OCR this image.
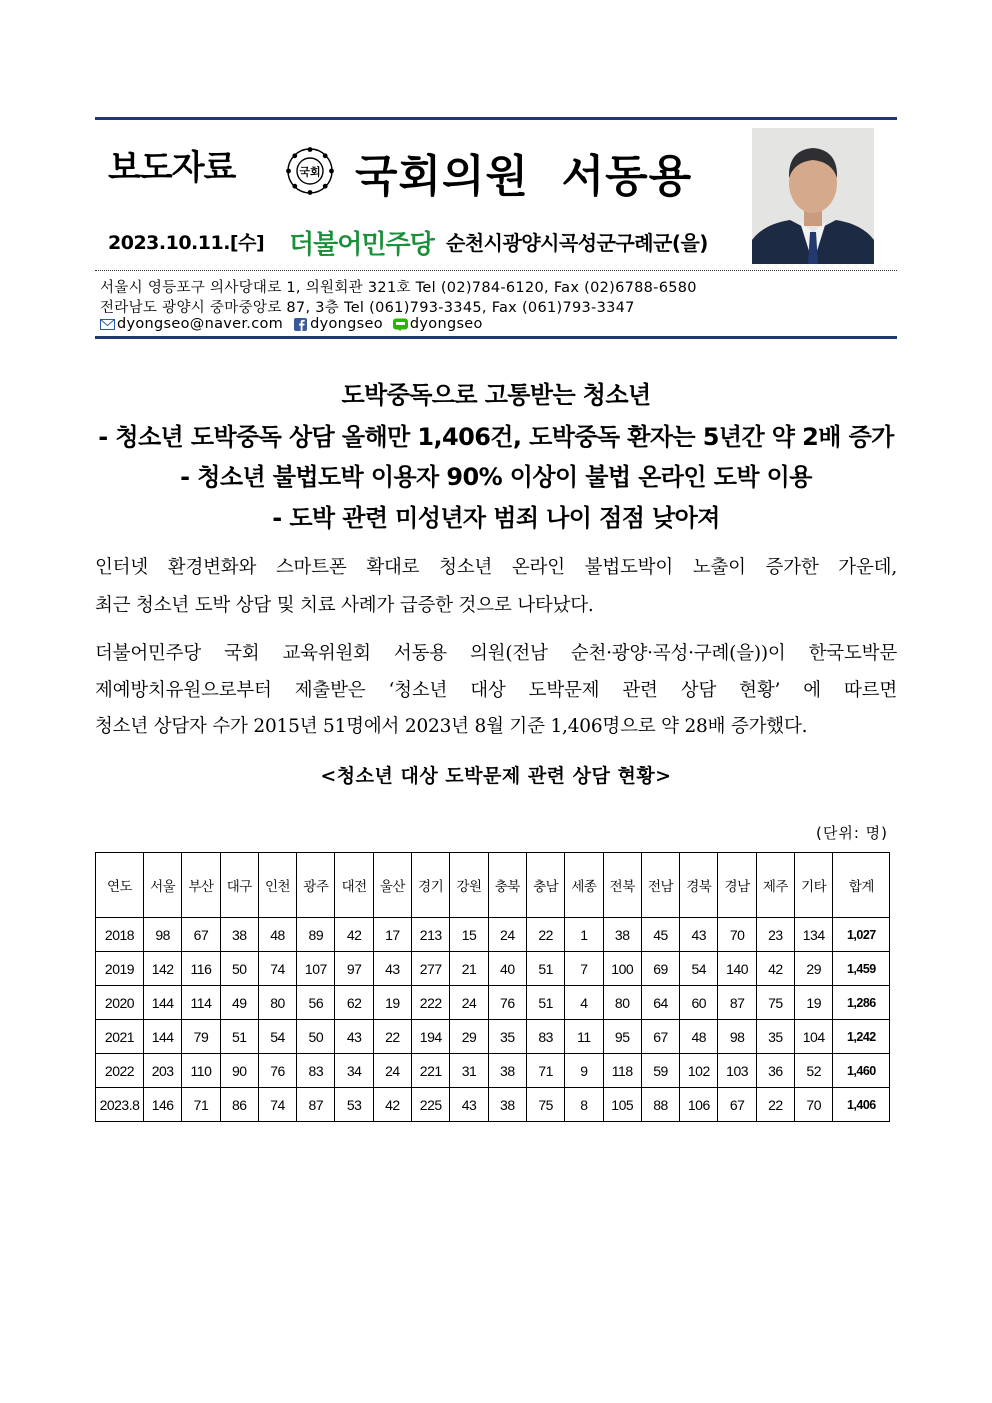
보도자료	국회 국회의원  서동용
2023.10.11.[수] 더불어민주당 순천시광양시곡성군구례군(을)
서울시 영등포구 의사당대로 1, 의원회관 321호 Tel (02)784-6120, Fax (02)6788-6580
전라남도 광양시 중마중앙로 87, 3층 Tel (061)793-3345, Fax (061)793-3347
dyongseo@naver.com dyongseo dyongseo
도박중독으로 고통받는 청소년
- 청소년 도박중독 상담 올해만 1,406건, 도박중독 환자는 5년간 약 2배 증가
- 청소년 불법도박 이용자 90% 이상이 불법 온라인 도박 이용
- 도박 관련 미성년자 범죄 나이 점점 낮아져
인터넷 환경변화와 스마트폰 확대로 청소년 온라인 불법도박이 노출이 증가한 가운데,
최근 청소년 도박 상담 및 치료 사례가 급증한 것으로 나타났다.
더불어민주당 국회 교육위원회 서동용 의원(전남 순천·광양·곡성·구례(을))이 한국도박문
제예방치유원으로부터 제출받은 ‘청소년 대상 도박문제 관련 상담 현황’ 에 따르면
청소년 상담자 수가 2015년 51명에서 2023년 8월 기준 1,406명으로 약 28배 증가했다.
<청소년 대상 도박문제 관련 상담 현황>
(단위: 명)
연도	서울	부산	대구	인천	광주	대전	울산	경기	강원	충북	충남	세종	전북	전남	경북	경남	제주	기타	합계
2018	98	67	38	48	89	42	17	213	15	24	22	1	38	45	43	70	23	134	1,027
2019	142	116	50	74	107	97	43	277	21	40	51	7	100	69	54	140	42	29	1,459
2020	144	114	49	80	56	62	19	222	24	76	51	4	80	64	60	87	75	19	1,286
2021	144	79	51	54	50	43	22	194	29	35	83	11	95	67	48	98	35	104	1,242
2022	203	110	90	76	83	34	24	221	31	38	71	9	118	59	102	103	36	52	1,460
2023.8	146	71	86	74	87	53	42	225	43	38	75	8	105	88	106	67	22	70	1,406
